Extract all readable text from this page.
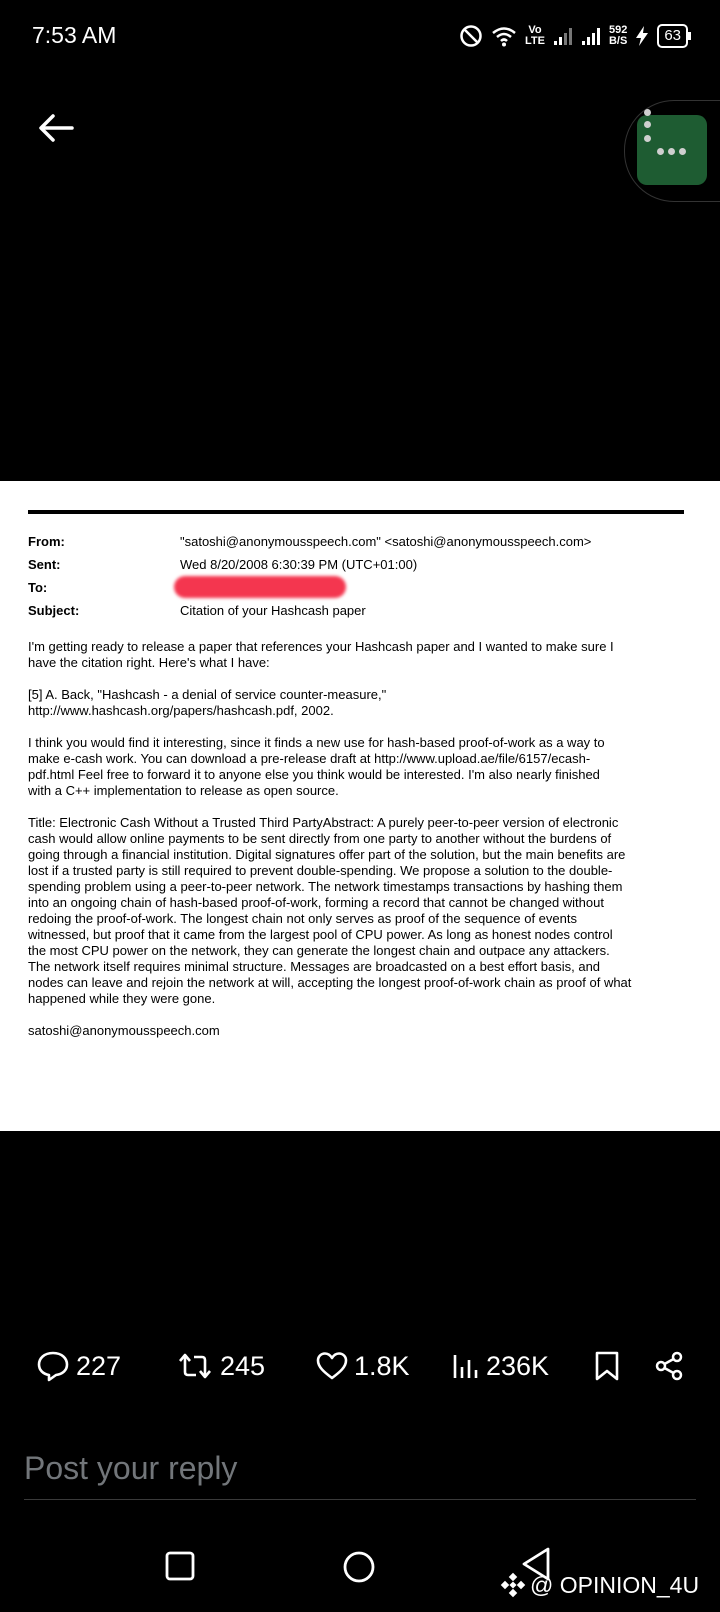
7:53 AM	Vo
LTE
592
B/S	63
From:	"satoshi@anonymousspeech.com" <satoshi@anonymousspeech.com>
Sent:	Wed 8/20/2008 6:30:39 PM (UTC+01:00)
To:
Subject:	Citation of your Hashcash paper

I'm getting ready to release a paper that references your Hashcash paper and I wanted to make sure I
have the citation right. Here's what I have:

[5] A. Back, "Hashcash - a denial of service counter-measure,"
http://www.hashcash.org/papers/hashcash.pdf, 2002.

I think you would find it interesting, since it finds a new use for hash-based proof-of-work as a way to
make e-cash work. You can download a pre-release draft at http://www.upload.ae/file/6157/ecash-
pdf.html Feel free to forward it to anyone else you think would be interested. I'm also nearly finished
with a C++ implementation to release as open source.

Title: Electronic Cash Without a Trusted Third PartyAbstract: A purely peer-to-peer version of electronic
cash would allow online payments to be sent directly from one party to another without the burdens of
going through a financial institution. Digital signatures offer part of the solution, but the main benefits are
lost if a trusted party is still required to prevent double-spending. We propose a solution to the double-
spending problem using a peer-to-peer network. The network timestamps transactions by hashing them
into an ongoing chain of hash-based proof-of-work, forming a record that cannot be changed without
redoing the proof-of-work. The longest chain not only serves as proof of the sequence of events
witnessed, but proof that it came from the largest pool of CPU power. As long as honest nodes control
the most CPU power on the network, they can generate the longest chain and outpace any attackers.
The network itself requires minimal structure. Messages are broadcasted on a best effort basis, and
nodes can leave and rejoin the network at will, accepting the longest proof-of-work chain as proof of what
happened while they were gone.

satoshi@anonymousspeech.com

227	245	1.8K	236K
Post your reply
@ OPINION_4U
